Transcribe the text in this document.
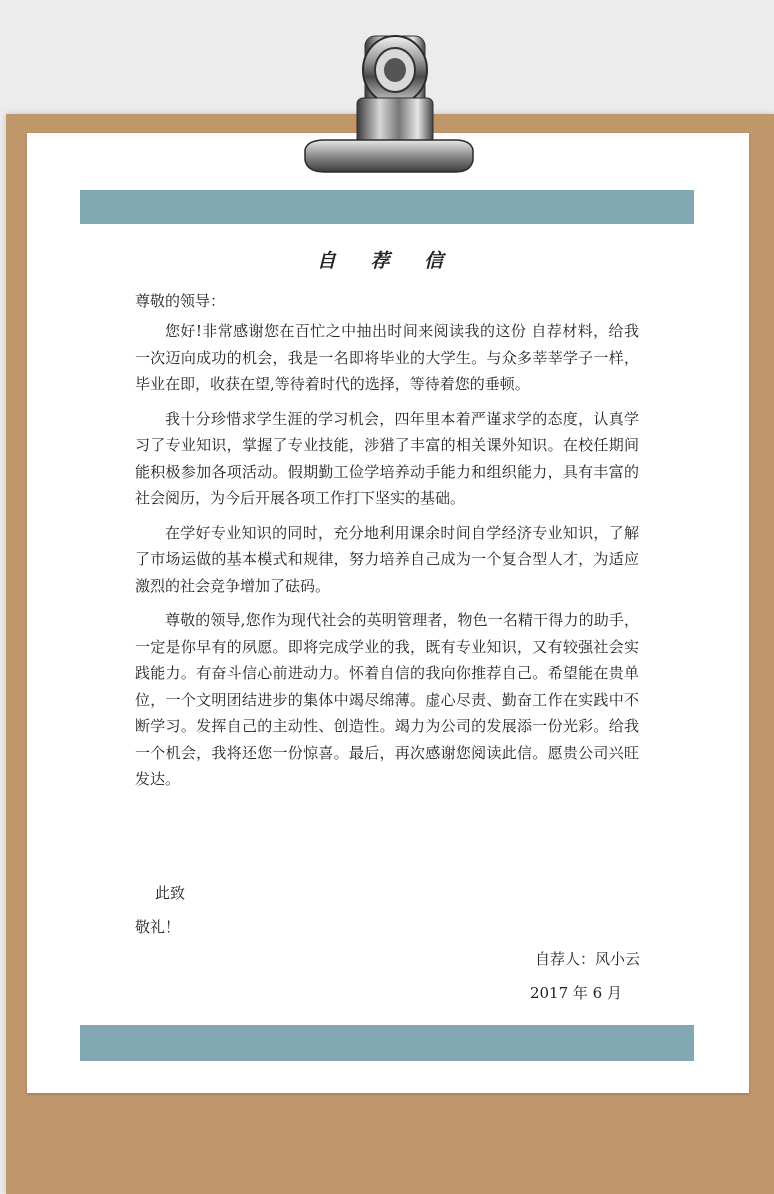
自 荐 信
尊敬的领导：

您好!非常感谢您在百忙之中抽出时间来阅读我的这份 自荐材料，给我一次迈向成功的机会，我是一名即将毕业的大学生。与众多莘莘学子一样，毕业在即，收获在望,等待着时代的选择，等待着您的垂顿。

我十分珍惜求学生涯的学习机会，四年里本着严谨求学的态度，认真学习了专业知识，掌握了专业技能，涉猎了丰富的相关课外知识。在校任期间能积极参加各项活动。假期勤工俭学培养动手能力和组织能力，具有丰富的社会阅历，为今后开展各项工作打下坚实的基础。

在学好专业知识的同时，充分地利用课余时间自学经济专业知识，了解了市场运做的基本模式和规律，努力培养自己成为一个复合型人才，为适应激烈的社会竞争增加了砝码。

尊敬的领导,您作为现代社会的英明管理者，物色一名精干得力的助手，一定是你早有的夙愿。即将完成学业的我，既有专业知识，又有较强社会实践能力。有奋斗信心前进动力。怀着自信的我向你推荐自己。希望能在贵单位，一个文明团结进步的集体中竭尽绵薄。虚心尽责、勤奋工作在实践中不断学习。发挥自己的主动性、创造性。竭力为公司的发展添一份光彩。给我一个机会，我将还您一份惊喜。最后，再次感谢您阅读此信。愿贵公司兴旺发达。

此致
敬礼！
自荐人：风小云
2017 年 6 月
